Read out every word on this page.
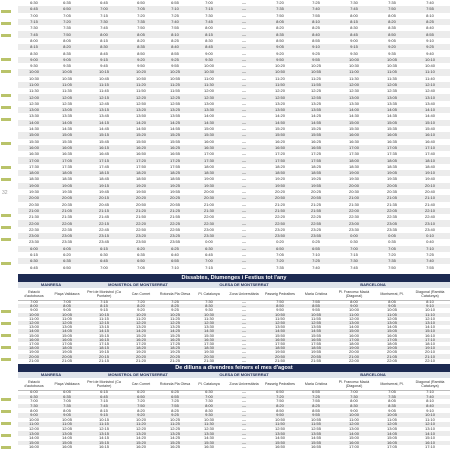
32
6:30	6:35	6:45	6:50	6:55	7:00	—	7:20	7:25	7:30	7:35	7:40
6:45	6:50	7:00	7:05	7:10	7:15	—	7:35	7:40	7:45	7:50	7:55
7:00	7:05	7:15	7:20	7:25	7:30	—	7:50	7:55	8:00	8:05	8:10
7:15	7:20	7:30	7:35	7:40	7:45	—	8:05	8:10	8:15	8:20	8:25
7:30	7:35	7:45	7:50	7:55	8:00	—	8:20	8:25	8:30	8:35	8:40
7:45	7:50	8:00	8:05	8:10	8:15	—	8:35	8:40	8:45	8:50	8:55
8:00	8:05	8:15	8:20	8:25	8:30	—	8:50	8:55	9:00	9:05	9:10
8:15	8:20	8:30	8:35	8:40	8:45	—	9:05	9:10	9:15	9:20	9:25
8:30	8:35	8:45	8:50	8:55	9:00	—	9:20	9:25	9:30	9:35	9:40
9:00	9:05	9:15	9:20	9:25	9:30	—	9:50	9:55	10:00	10:05	10:10
9:30	9:35	9:45	9:50	9:55	10:00	—	10:20	10:25	10:30	10:35	10:40
10:00	10:05	10:15	10:20	10:25	10:30	—	10:50	10:55	11:00	11:05	11:10
10:30	10:35	10:45	10:50	10:55	11:00	—	11:20	11:25	11:30	11:35	11:40
11:00	11:05	11:15	11:20	11:25	11:30	—	11:50	11:55	12:00	12:05	12:10
11:30	11:35	11:45	11:50	11:55	12:00	—	12:20	12:25	12:30	12:35	12:40
12:00	12:05	12:15	12:20	12:25	12:30	—	12:50	12:55	13:00	13:05	13:10
12:30	12:35	12:45	12:50	12:55	13:00	—	13:20	13:25	13:30	13:35	13:40
13:00	13:05	13:15	13:20	13:25	13:30	—	13:50	13:55	14:00	14:05	14:10
13:30	13:35	13:45	13:50	13:55	14:00	—	14:20	14:25	14:30	14:35	14:40
14:00	14:05	14:15	14:20	14:25	14:30	—	14:50	14:55	15:00	15:05	15:10
14:30	14:35	14:45	14:50	14:55	15:00	—	15:20	15:25	15:30	15:35	15:40
15:00	15:05	15:15	15:20	15:25	15:30	—	15:50	15:55	16:00	16:05	16:10
15:30	15:35	15:45	15:50	15:55	16:00	—	16:20	16:25	16:30	16:35	16:40
16:00	16:05	16:15	16:20	16:25	16:30	—	16:50	16:55	17:00	17:05	17:10
16:30	16:35	16:45	16:50	16:55	17:00	—	17:20	17:25	17:30	17:35	17:40
17:00	17:05	17:15	17:20	17:25	17:30	—	17:50	17:55	18:00	18:05	18:10
17:30	17:35	17:45	17:50	17:55	18:00	—	18:20	18:25	18:30	18:35	18:40
18:00	18:05	18:15	18:20	18:25	18:30	—	18:50	18:55	19:00	19:05	19:10
18:30	18:35	18:45	18:50	18:55	19:00	—	19:20	19:25	19:30	19:35	19:40
19:00	19:05	19:15	19:20	19:25	19:30	—	19:50	19:55	20:00	20:05	20:10
19:30	19:35	19:45	19:50	19:55	20:00	—	20:20	20:25	20:30	20:35	20:40
20:00	20:05	20:15	20:20	20:25	20:30	—	20:50	20:55	21:00	21:05	21:10
20:30	20:35	20:45	20:50	20:55	21:00	—	21:20	21:25	21:30	21:35	21:40
21:00	21:05	21:15	21:20	21:25	21:30	—	21:50	21:55	22:00	22:05	22:10
21:30	21:35	21:45	21:50	21:55	22:00	—	22:20	22:25	22:30	22:35	22:40
22:00	22:05	22:15	22:20	22:25	22:30	—	22:50	22:55	23:00	23:05	23:10
22:30	22:35	22:45	22:50	22:55	23:00	—	23:20	23:25	23:30	23:35	23:40
23:00	23:05	23:15	23:20	23:25	23:30	—	23:50	23:55	0:00	0:05	0:10
23:30	23:35	23:45	23:50	23:55	0:00	—	0:20	0:25	0:30	0:35	0:40
6:00	6:05	6:15	6:20	6:25	6:30	—	6:50	6:55	7:00	7:05	7:10
6:15	6:20	6:30	6:35	6:40	6:45	—	7:05	7:10	7:15	7:20	7:25
6:30	6:35	6:45	6:50	6:55	7:00	—	7:20	7:25	7:30	7:35	7:40
6:45	6:50	7:00	7:05	7:10	7:15	—	7:35	7:40	7:45	7:50	7:55
Dissabtes, Diumenges i Festius tot l'any
MANRESA	MONISTROL DE MONTSERRAT	OLESA DE MONTSERRAT	BARCELONA
Estació d'autobusos	Plaça Valldaura	Peri de Monistrol (Ca Puntaire)	Can Cornet	Rotonda Pla Olesa	Pl. Catalunya	Zona Universitària	Passeig Pedralbes	Maria Cristina	Pl. Francesc Macià (Diagonal)	Montserrat, Pl.	Diagonal (Rambla Catalunya)
7:00	7:05	7:15	7:20	7:25	7:30	—	7:50	7:55	8:00	8:05	8:10
8:00	8:05	8:15	8:20	8:25	8:30	—	8:50	8:55	9:00	9:05	9:10
9:00	9:05	9:15	9:20	9:25	9:30	—	9:50	9:55	10:00	10:05	10:10
10:00	10:05	10:15	10:20	10:25	10:30	—	10:50	10:55	11:00	11:05	11:10
11:00	11:05	11:15	11:20	11:25	11:30	—	11:50	11:55	12:00	12:05	12:10
12:00	12:05	12:15	12:20	12:25	12:30	—	12:50	12:55	13:00	13:05	13:10
13:00	13:05	13:15	13:20	13:25	13:30	—	13:50	13:55	14:00	14:05	14:10
14:00	14:05	14:15	14:20	14:25	14:30	—	14:50	14:55	15:00	15:05	15:10
15:00	15:05	15:15	15:20	15:25	15:30	—	15:50	15:55	16:00	16:05	16:10
16:00	16:05	16:15	16:20	16:25	16:30	—	16:50	16:55	17:00	17:05	17:10
17:00	17:05	17:15	17:20	17:25	17:30	—	17:50	17:55	18:00	18:05	18:10
18:00	18:05	18:15	18:20	18:25	18:30	—	18:50	18:55	19:00	19:05	19:10
19:00	19:05	19:15	19:20	19:25	19:30	—	19:50	19:55	20:00	20:05	20:10
20:00	20:05	20:15	20:20	20:25	20:30	—	20:50	20:55	21:00	21:05	21:10
21:00	21:05	21:15	21:20	21:25	21:30	—	21:50	21:55	22:00	22:05	22:10
De dilluns a divendres feiners el mes d'agost
MANRESA	MONISTROL DE MONTSERRAT	OLESA DE MONTSERRAT	BARCELONA
Estació d'autobusos	Plaça Valldaura	Peri de Monistrol (Ca Puntaire)	Can Cornet	Rotonda Pla Olesa	Pl. Catalunya	Zona Universitària	Passeig Pedralbes	Maria Cristina	Pl. Francesc Macià (Diagonal)	Montserrat, Pl.	Diagonal (Rambla Catalunya)
6:00	6:05	6:15	6:20	6:25	6:30	—	6:50	6:55	7:00	7:05	7:10
6:30	6:35	6:45	6:50	6:55	7:00	—	7:20	7:25	7:30	7:35	7:40
7:00	7:05	7:15	7:20	7:25	7:30	—	7:50	7:55	8:00	8:05	8:10
7:30	7:35	7:45	7:50	7:55	8:00	—	8:20	8:25	8:30	8:35	8:40
8:00	8:05	8:15	8:20	8:25	8:30	—	8:50	8:55	9:00	9:05	9:10
9:00	9:05	9:15	9:20	9:25	9:30	—	9:50	9:55	10:00	10:05	10:10
10:00	10:05	10:15	10:20	10:25	10:30	—	10:50	10:55	11:00	11:05	11:10
11:00	11:05	11:15	11:20	11:25	11:30	—	11:50	11:55	12:00	12:05	12:10
12:00	12:05	12:15	12:20	12:25	12:30	—	12:50	12:55	13:00	13:05	13:10
13:00	13:05	13:15	13:20	13:25	13:30	—	13:50	13:55	14:00	14:05	14:10
14:00	14:05	14:15	14:20	14:25	14:30	—	14:50	14:55	15:00	15:05	15:10
15:00	15:05	15:15	15:20	15:25	15:30	—	15:50	15:55	16:00	16:05	16:10
16:00	16:05	16:15	16:20	16:25	16:30	—	16:50	16:55	17:00	17:05	17:10
